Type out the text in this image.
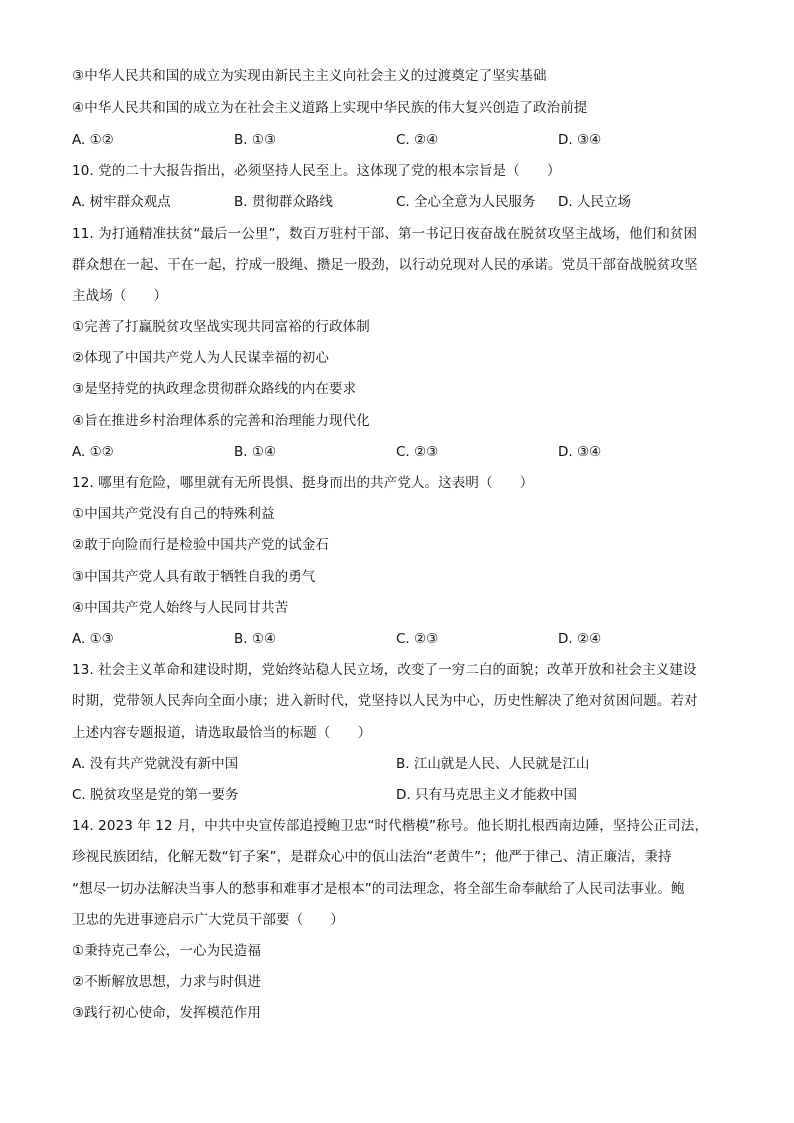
③中华人民共和国的成立为实现由新民主主义向社会主义的过渡奠定了坚实基础
④中华人民共和国的成立为在社会主义道路上实现中华民族的伟大复兴创造了政治前提
A. ①②	B. ①③	C. ②④	D. ③④
10. 党的二十大报告指出，必须坚持人民至上。这体现了党的根本宗旨是（　　）
A. 树牢群众观点	B. 贯彻群众路线	C. 全心全意为人民服务 D. 人民立场
11. 为打通精准扶贫“最后一公里”，数百万驻村干部、第一书记日夜奋战在脱贫攻坚主战场，他们和贫困
群众想在一起、干在一起，拧成一股绳、攒足一股劲，以行动兑现对人民的承诺。党员干部奋战脱贫攻坚
主战场（　　）
①完善了打赢脱贫攻坚战实现共同富裕的行政体制
②体现了中国共产党人为人民谋幸福的初心
③是坚持党的执政理念贯彻群众路线的内在要求
④旨在推进乡村治理体系的完善和治理能力现代化
A. ①②	B. ①④	C. ②③	D. ③④
12. 哪里有危险，哪里就有无所畏惧、挺身而出的共产党人。这表明（　　）
①中国共产党没有自己的特殊利益
②敢于向险而行是检验中国共产党的试金石
③中国共产党人具有敢于牺牲自我的勇气
④中国共产党人始终与人民同甘共苦
A. ①③	B. ①④	C. ②③	D. ②④
13. 社会主义革命和建设时期，党始终站稳人民立场，改变了一穷二白的面貌；改革开放和社会主义建设
时期，党带领人民奔向全面小康；进入新时代，党坚持以人民为中心，历史性解决了绝对贫困问题。若对
上述内容专题报道，请选取最恰当的标题（　　）
A. 没有共产党就没有新中国	B. 江山就是人民、人民就是江山
C. 脱贫攻坚是党的第一要务	D. 只有马克思主义才能救中国
14. 2023 年 12 月，中共中央宣传部追授鲍卫忠“时代楷模”称号。他长期扎根西南边陲，坚持公正司法，
珍视民族团结，化解无数“钉子案”，是群众心中的佤山法治“老黄牛”；他严于律己、清正廉洁，秉持
“想尽一切办法解决当事人的愁事和难事才是根本”的司法理念，将全部生命奉献给了人民司法事业。鲍
卫忠的先进事迹启示广大党员干部要（　　）
①秉持克己奉公，一心为民造福
②不断解放思想，力求与时俱进
③践行初心使命，发挥模范作用
